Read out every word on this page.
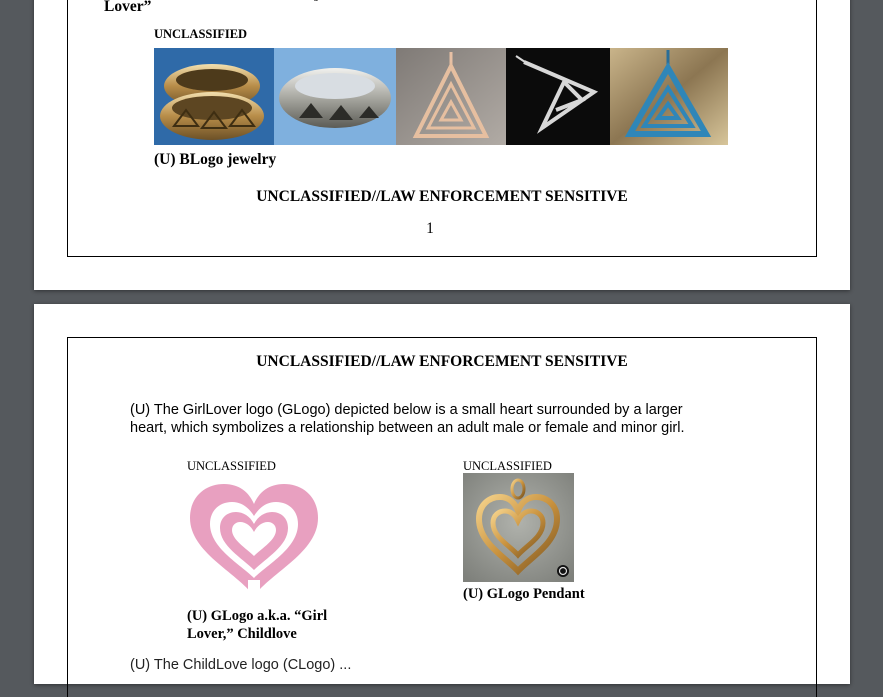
Lover”
UNCLASSIFIED
(U) BLogo jewelry
UNCLASSIFIED//LAW ENFORCEMENT SENSITIVE
1
UNCLASSIFIED//LAW ENFORCEMENT SENSITIVE
(U) The GirlLover logo (GLogo) depicted below is a small heart surrounded by a larger
heart, which symbolizes a relationship between an adult male or female and minor girl.
UNCLASSIFIED
(U) GLogo a.k.a. “Girl
Lover,” Childlove
UNCLASSIFIED
(U) GLogo Pendant
(U) The ChildLove logo (CLogo) ...
